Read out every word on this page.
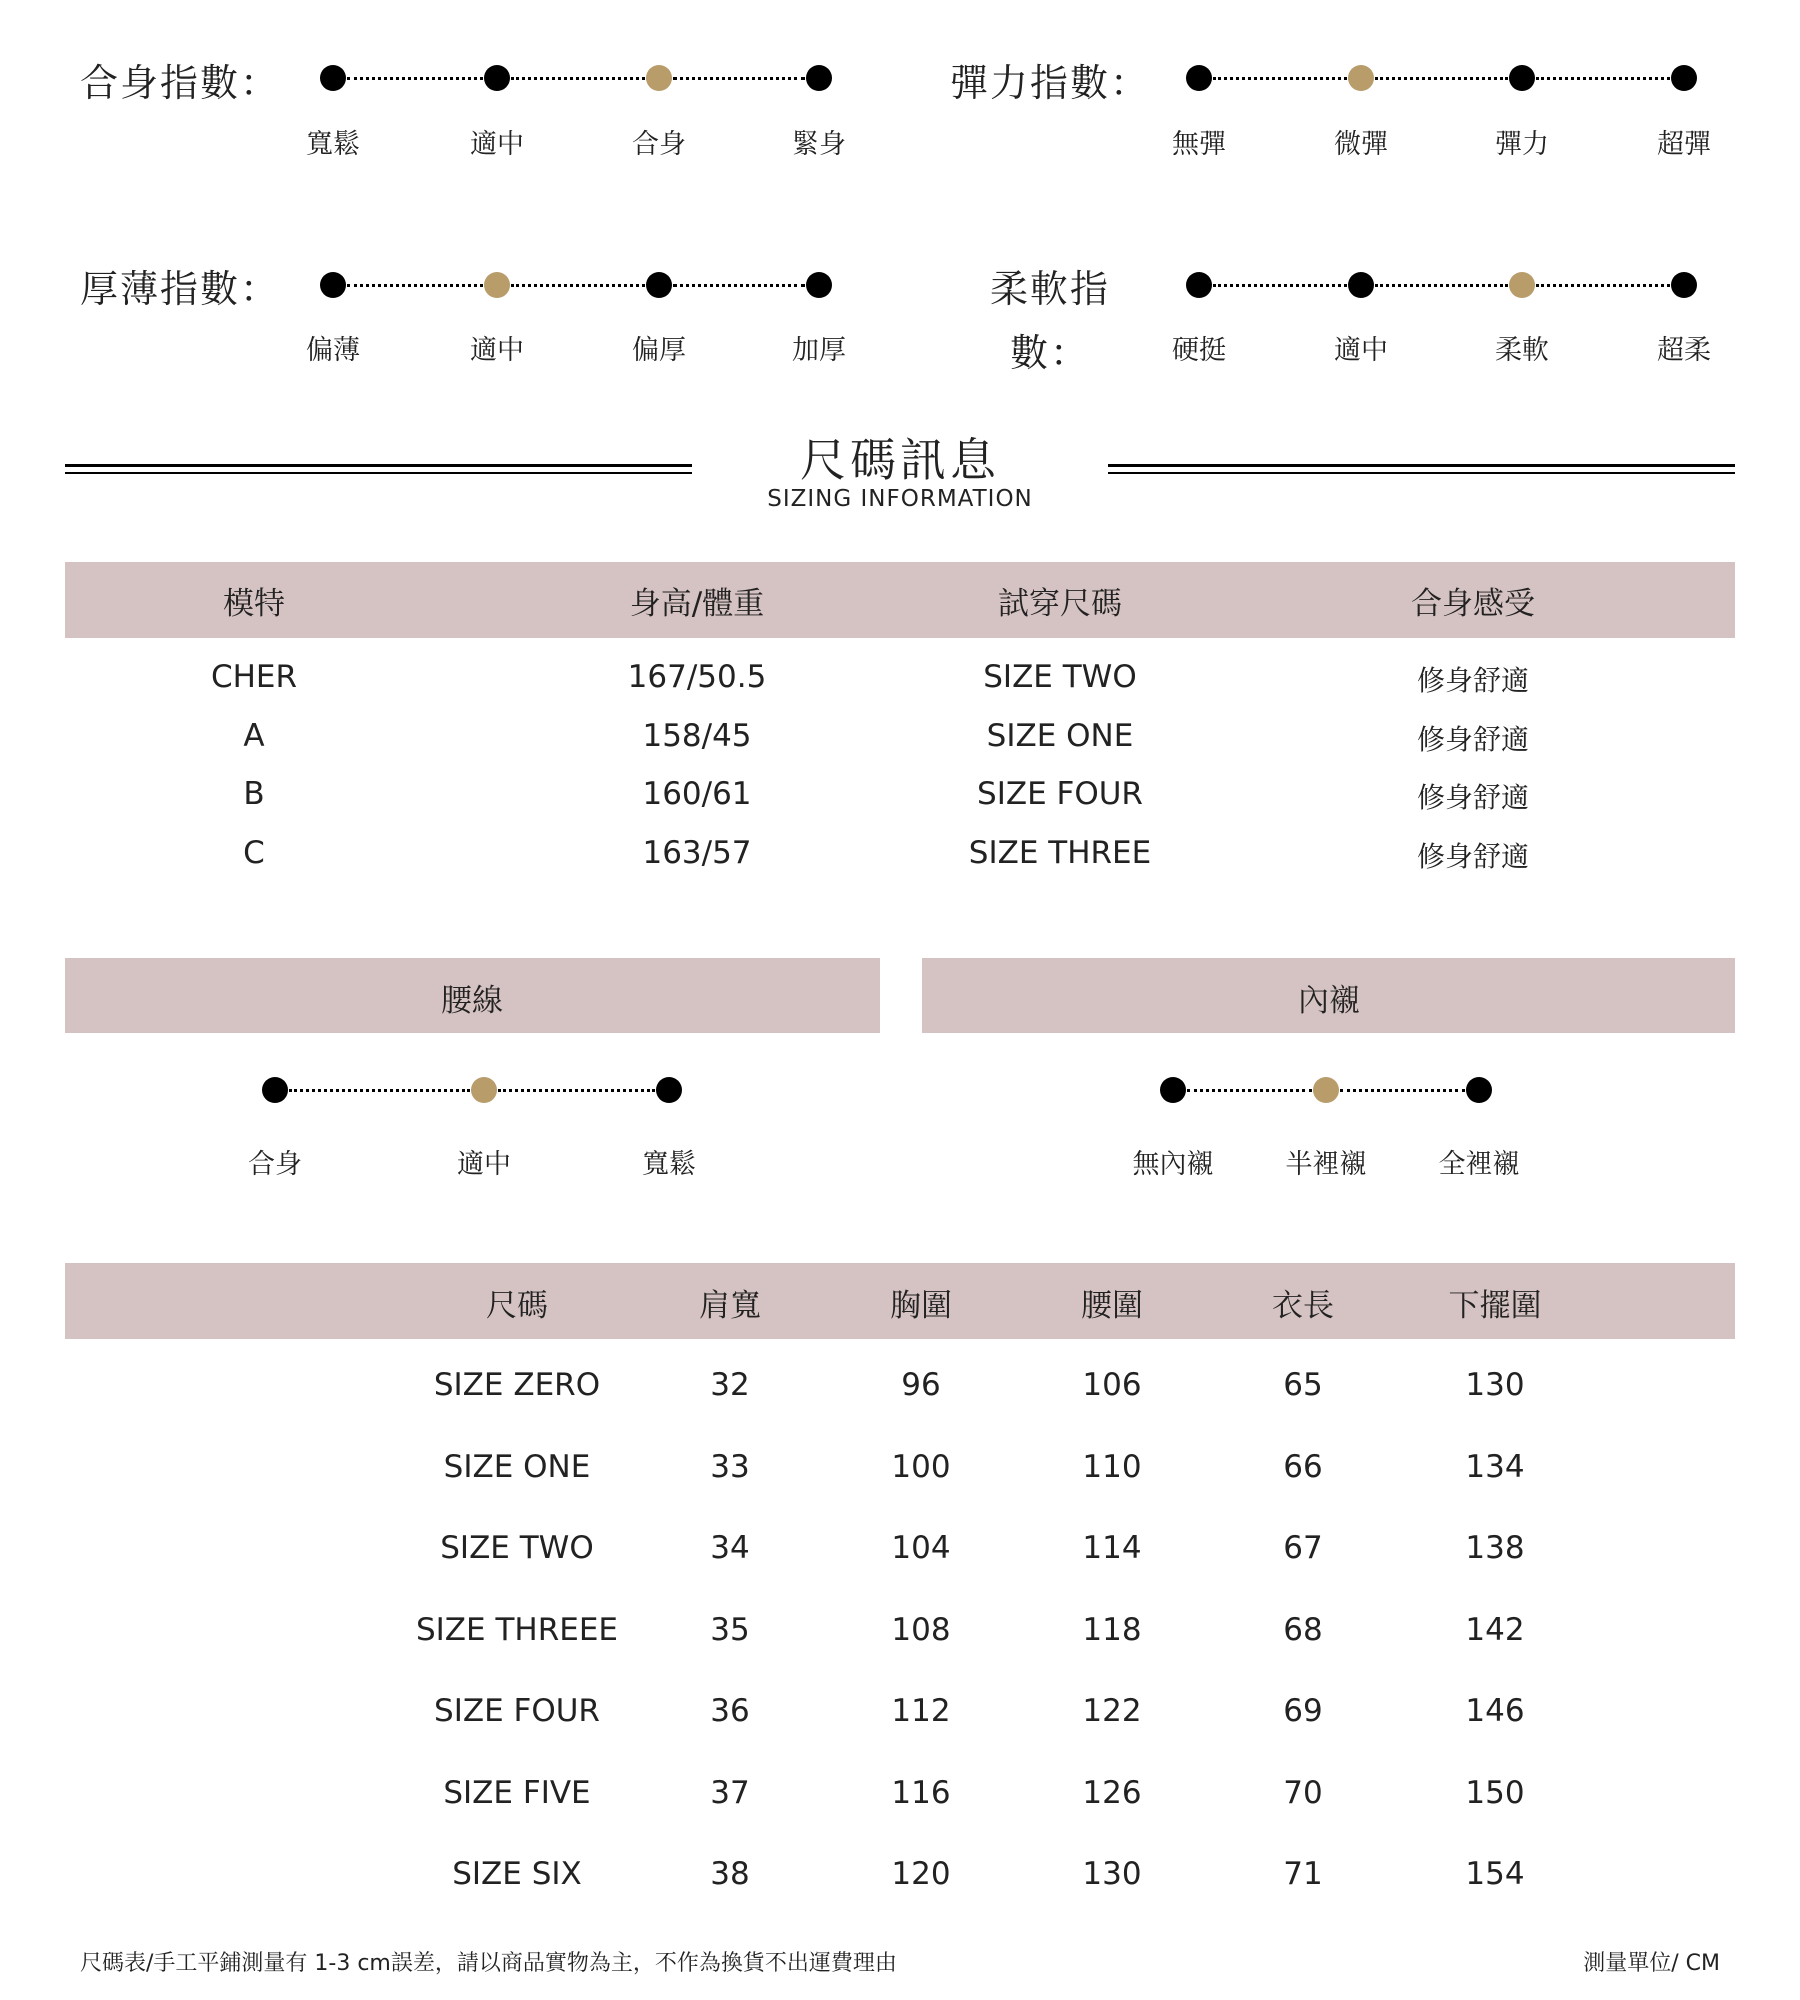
合身指數：
寬鬆	適中	合身	緊身
彈力指數：
無彈	微彈	彈力	超彈
厚薄指數：
偏薄	適中	偏厚	加厚
柔軟指
數：	硬挺	適中	柔軟	超柔
尺碼訊息
SIZING INFORMATION
模特	身高/體重	試穿尺碼	合身感受
CHER	167/50.5	SIZE TWO	修身舒適
A	158/45	SIZE ONE	修身舒適
B	160/61	SIZE FOUR	修身舒適
C	163/57	SIZE THREE	修身舒適
腰線
合身	適中	寬鬆
內襯
無內襯	半裡襯	全裡襯
尺碼	肩寬	胸圍	腰圍	衣長	下擺圍
SIZE ZERO	32	96	106	65	130
SIZE ONE	33	100	110	66	134
SIZE TWO	34	104	114	67	138
SIZE THREEE	35	108	118	68	142
SIZE FOUR	36	112	122	69	146
SIZE FIVE	37	116	126	70	150
SIZE SIX	38	120	130	71	154
尺碼表/手工平鋪測量有 1-3 cm誤差，請以商品實物為主，不作為換貨不出運費理由	測量單位/ CM
